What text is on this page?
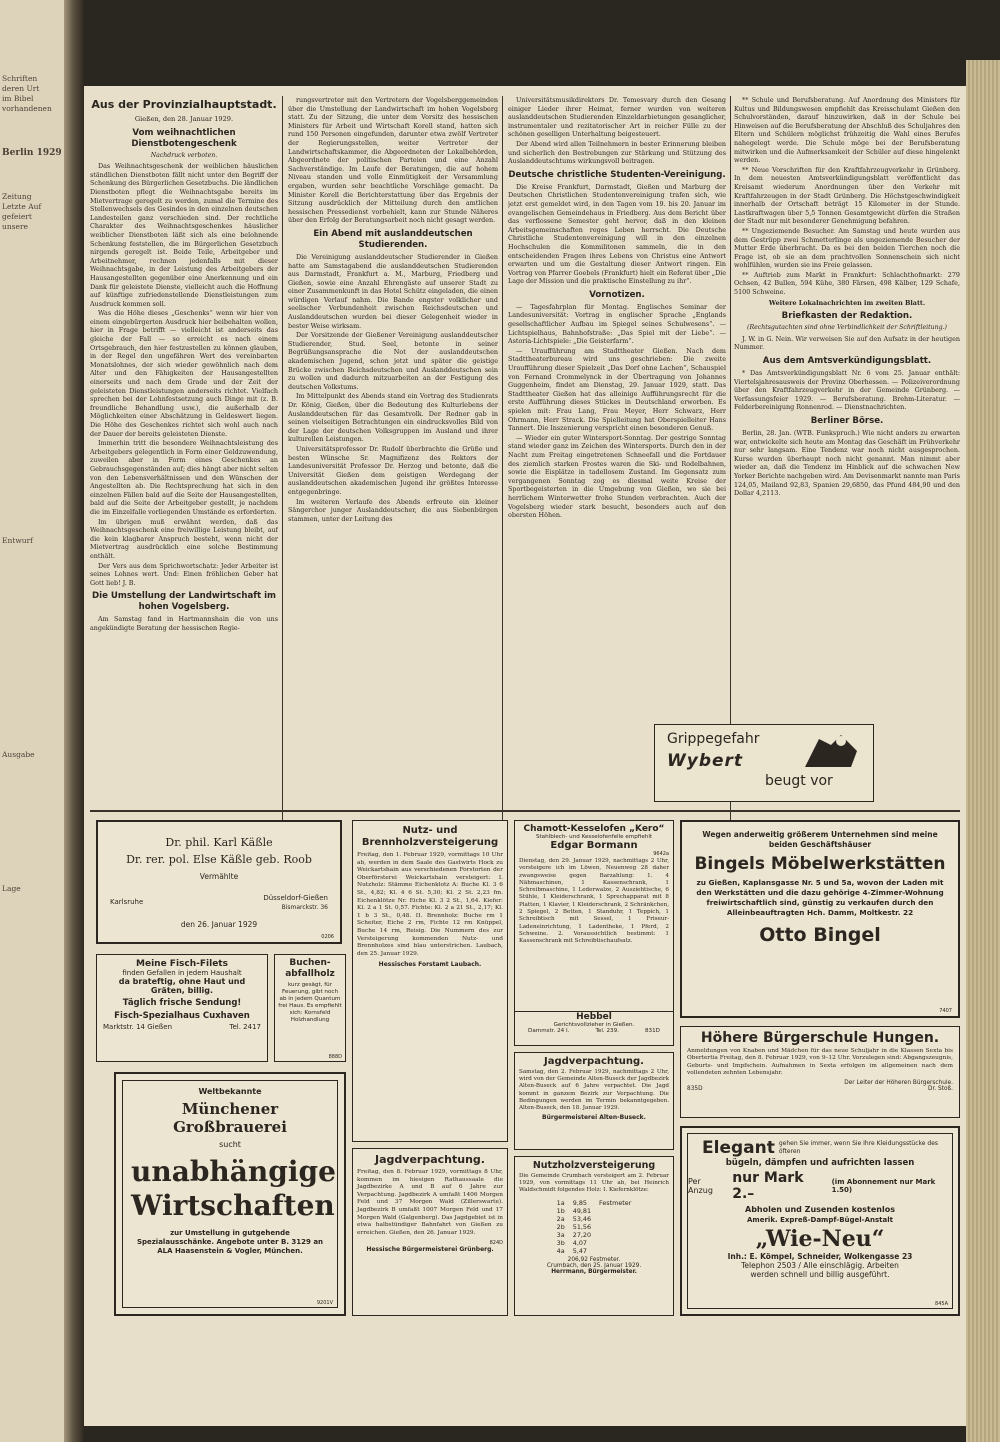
Schriften
deren Urt
im Bibel
vorhandenen
Berlin 1929
Zeitung
Letzte Auf
gefeiert
unsere
Entwurf
Ausgabe
Lage
Aus der Provinzialhauptstadt.
Gießen, den 28. Januar 1929.
Vom weihnachtlichen Dienstbotengeschenk
Nachdruck verboten.

Das Weihnachtsgeschenk der weiblichen häuslichen ständlichen Dienstboten fällt nicht unter den Begriff der Schenkung des Bürgerlichen Gesetzbuchs. Die ländlichen Dienstboten pflegt die Weihnachtsgabe bereits im Mietvertrage geregelt zu werden, zumal die Termine des Stellenwechsels des Gesindes in den einzelnen deutschen Landesteilen ganz verschieden sind. Der rechtliche Charakter des Weihnachtsgeschenkes häuslicher weiblicher Dienstboten läßt sich als eine belohnende Schenkung feststellen, die im Bürgerlichen Gesetzbuch nirgends geregelt ist. Beide Teile, Arbeitgeber und Arbeitnehmer, rechnen jedenfalls mit dieser Weihnachtsgabe, in der Leistung des Arbeitgebers der Hausangestellten gegenüber eine Anerkennung und ein Dank für geleistete Dienste, vielleicht auch die Hoffnung auf künftige zufriedenstellende Dienstleistungen zum Ausdruck kommen soll.

Was die Höhe dieses „Geschenks“ wenn wir hier von einem eingebürgerten Ausdruck hier beibehalten wollen, hier in Frage betrifft — vielleicht ist anderseits das gleiche der Fall — so erreicht es nach einem Ortsgebrauch, den hier festzustellen zu können glauben, in der Regel den ungefähren Wert des vereinbarten Monatslohnes, der sich wieder gewöhnlich nach dem Alter und den Fähigkeiten der Hausangestellten einerseits und nach dem Grade und der Zeit der geleisteten Dienstleistungen anderseits richtet. Vielfach sprechen bei der Lohnfestsetzung auch Dinge mit (z. B. freundliche Behandlung usw.), die außerhalb der Möglichkeiten einer Abschätzung in Geldeswert liegen. Die Höhe des Geschenkes richtet sich wohl auch nach der Dauer der bereits geleisteten Dienste.

Immerhin tritt die besondere Weihnachtsleistung des Arbeitgebers gelegentlich in Form einer Geldzuwendung, zuweilen aber in Form eines Geschenkes an Gebrauchsgegenständen auf; dies hängt aber nicht selten von den Lebensverhältnissen und den Wünschen der Angestellten ab. Die Rechtsprechung hat sich in den einzelnen Fällen bald auf die Seite der Hausangestellten, bald auf die Seite der Arbeitgeber gestellt, je nachdem die im Einzelfalle vorliegenden Umstände es erforderten.

Im übrigen muß erwähnt werden, daß das Weihnachtsgeschenk eine freiwillige Leistung bleibt, auf die kein klagbarer Anspruch besteht, wenn nicht der Mietvertrag ausdrücklich eine solche Bestimmung enthält.

Der Vers aus dem Sprichwortschatz: Jeder Arbeiter ist seines Lohnes wert. Und: Einen fröhlichen Geber hat Gott lieb! J. B.

Die Umstellung der Landwirtschaft im hohen Vogelsberg.

Am Samstag fand in Hartmannshain die von uns angekündigte Beratung der hessischen Regie-

rungsvertreter mit den Vertretern der Vogelsberggemeinden über die Umstellung der Landwirtschaft im hohen Vogelsberg statt. Zu der Sitzung, die unter dem Vorsitz des hessischen Ministers für Arbeit und Wirtschaft Korell stand, hatten sich rund 150 Personen eingefunden, darunter etwa zwölf Vertreter der Regierungsstellen, weiter Vertreter der Landwirtschaftskammer, die Abgeordneten der Lokalbehörden, Abgeordnete der politischen Parteien und eine Anzahl Sachverständige. Im Laufe der Beratungen, die auf hohem Niveau standen und volle Einmütigkeit der Versammlung ergaben, wurden sehr beachtliche Vorschläge gemacht. Da Minister Korell die Berichterstattung über das Ergebnis der Sitzung ausdrücklich der Mitteilung durch den amtlichen hessischen Pressedienst vorbehielt, kann zur Stunde Näheres über den Erfolg der Beratungsarbeit noch nicht gesagt werden.

Ein Abend mit auslanddeutschen Studierenden.

Die Vereinigung auslanddeutscher Studierender in Gießen hatte am Samstagabend die auslanddeutschen Studierenden aus Darmstadt, Frankfurt a. M., Marburg, Friedberg und Gießen, sowie eine Anzahl Ehrengäste auf unserer Stadt zu einer Zusammenkunft in das Hotel Schütz eingeladen, die einen würdigen Verlauf nahm. Die Bande engster volklicher und seelischer Verbundenheit zwischen Reichsdeutschen und Auslanddeutschen wurden bei dieser Gelegenheit wieder in bester Weise wirksam.

Der Vorsitzende der Gießener Vereinigung auslanddeutscher Studierender, Stud. Seel, betonte in seiner Begrüßungsansprache die Not der auslanddeutschen akademischen Jugend, schon jetzt und später die geistige Brücke zwischen Reichsdeutschen und Auslanddeutschen sein zu wollen und dadurch mitzuarbeiten an der Festigung des deutschen Volkstums.

Im Mittelpunkt des Abends stand ein Vortrag des Studienrats Dr. König, Gießen, über die Bedeutung des Kulturlebens der Auslanddeutschen für das Gesamtvolk. Der Redner gab in seinen vielseitigen Betrachtungen ein eindrucksvolles Bild von der Lage der deutschen Volksgruppen im Ausland und ihrer kulturellen Leistungen.

Universitätsprofessor Dr. Rudolf überbrachte die Grüße und besten Wünsche Sr. Magnifizenz des Rektors der Landesuniversität Professor Dr. Herzog und betonte, daß die Universität Gießen dem geistigen Werdegang der auslanddeutschen akademischen Jugend ihr größtes Interesse entgegenbringe.

Im weiteren Verlaufe des Abends erfreute ein kleiner Sängerchor junger Auslanddeutscher, die aus Siebenbürgen stammen, unter der Leitung des

Universitätsmusikdirektors Dr. Temesvary durch den Gesang einiger Lieder ihrer Heimat, ferner wurden von weiteren auslanddeutschen Studierenden Einzeldarbietungen gesanglicher, instrumentaler und rezitatorischer Art in reicher Fülle zu der schönen geselligen Unterhaltung beigesteuert.

Der Abend wird allen Teilnehmern in bester Erinnerung bleiben und sicherlich den Bestrebungen zur Stärkung und Stützung des Auslanddeutschtums wirkungsvoll beitragen.

Deutsche christliche Studenten-Vereinigung.

Die Kreise Frankfurt, Darmstadt, Gießen und Marburg der Deutschen Christlichen Studentenvereinigung trafen sich, wie jetzt erst gemeldet wird, in den Tagen vom 19. bis 20. Januar im evangelischen Gemeindehaus in Friedberg. Aus dem Bericht über das verflossene Semester geht hervor, daß in den kleinen Arbeitsgemeinschaften reges Leben herrscht. Die Deutsche Christliche Studentenvereinigung will in den einzelnen Hochschulen die Kommilitonen sammeln, die in den entscheidenden Fragen ihres Lebens von Christus eine Antwort erwarten und um die Gestaltung dieser Antwort ringen. Ein Vortrag von Pfarrer Goebels (Frankfurt) hielt ein Referat über „Die Lage der Mission und die praktische Einstellung zu ihr“.

Vornotizen.

— Tagesfahrplan für Montag. Englisches Seminar der Landesuniversität: Vortrag in englischer Sprache „Englands gesellschaftlicher Aufbau im Spiegel seines Schulwesens“. — Lichtspielhaus, Bahnhofstraße: „Das Spiel mit der Liebe“. — Astoria-Lichtspiele: „Die Geisterfarm“.

— Uraufführung am Stadttheater Gießen. Nach dem Stadttheaterbureau wird uns geschrieben: Die zweite Uraufführung dieser Spielzeit „Das Dorf ohne Lachen“, Schauspiel von Fernand Crommelynck in der Übertragung von Johannes Guggenheim, findet am Dienstag, 29. Januar 1929, statt. Das Stadttheater Gießen hat das alleinige Aufführungsrecht für die erste Aufführung dieses Stückes in Deutschland erworben. Es spielen mit: Frau Lang, Frau Meyer, Herr Schwarz, Herr Ohrmann, Herr Strack. Die Spielleitung hat Oberspielleiter Hans Tannert. Die Inszenierung verspricht einen besonderen Genuß.

— Wieder ein guter Wintersport-Sonntag. Der gestrige Sonntag stand wieder ganz im Zeichen des Wintersports. Durch den in der Nacht zum Freitag eingetretenen Schneefall und die Fortdauer des ziemlich starken Frostes waren die Ski- und Rodelbahnen, sowie die Eisplätze in tadellosem Zustand. Im Gegensatz zum vergangenen Sonntag zog es diesmal weite Kreise der Sportbegeisterten in die Umgebung von Gießen, wo sie bei herrlichem Winterwetter frohe Stunden verbrachten. Auch der Vogelsberg wieder stark besucht, besonders auch auf den obersten Höhen.

** Schule und Berufsberatung. Auf Anordnung des Ministers für Kultus und Bildungswesen empfiehlt das Kreisschulamt Gießen den Schulvorständen, darauf hinzuwirken, daß in der Schule bei Hinweisen auf die Berufsberatung der Abschluß des Schuljahres den Eltern und Schülern möglichst frühzeitig die Wahl eines Berufes nahegelegt werde. Die Schule möge bei der Berufsberatung mitwirken und die Aufmerksamkeit der Schüler auf diese hingelenkt werden.

** Neue Vorschriften für den Kraftfahrzeugverkehr in Grünberg. In dem neuesten Amtsverkündigungsblatt veröffentlicht das Kreisamt wiederum Anordnungen über den Verkehr mit Kraftfahrzeugen in der Stadt Grünberg. Die Höchstgeschwindigkeit innerhalb der Ortschaft beträgt 15 Kilometer in der Stunde. Lastkraftwagen über 5,5 Tonnen Gesamtgewicht dürfen die Straßen der Stadt nur mit besonderer Genehmigung befahren.

** Ungeziemende Besucher. Am Samstag und heute wurden aus dem Gestrüpp zwei Schmetterlinge als ungeziemende Besucher der Mutter Erde überbracht. Da es bei den beiden Tierchen noch die Frage ist, ob sie an dem prachtvollen Sonnenschein sich nicht wohlfühlen, wurden sie ins Freie gelassen.

** Auftrieb zum Markt in Frankfurt: Schlachthofmarkt: 279 Ochsen, 42 Bullen, 594 Kühe, 380 Färsen, 498 Kälber, 129 Schafe, 5100 Schweine.

Weitere Lokalnachrichten im zweiten Blatt.
Briefkasten der Redaktion.
(Rechtsgutachten sind ohne Verbindlichkeit der Schriftleitung.)

J. W. in G. Nein. Wir verweisen Sie auf den Aufsatz in der heutigen Nummer.

Aus dem Amtsverkündigungsblatt.

* Das Amtsverkündigungsblatt Nr. 6 vom 25. Januar enthält: Viertelsjahresausweis der Provinz Oberhessen. — Polizeiverordnung über den Kraftfahrzeugverkehr in der Gemeinde Grünberg. — Verfassungsfeier 1929. — Berufsberatung. Brehm-Literatur. — Felderbereinigung Ronnenrod. — Dienstnachrichten.

Berliner Börse.

Berlin, 28. Jan. (WTB. Funkspruch.) Wie nicht anders zu erwarten war, entwickelte sich heute am Montag das Geschäft im Frühverkehr nur sehr langsam. Eine Tendenz war noch nicht ausgesprochen. Kurse wurden überhaupt noch nicht genannt. Man nimmt aber wieder an, daß die Tendenz im Hinblick auf die schwachen New Yorker Berichte nachgeben wird. Am Devisenmarkt nannte man Paris 124,05, Mailand 92,83, Spanien 29,6850, das Pfund 484,90 und den Dollar 4,2113.

Grippegefahr
Wybert
beugt vor
Dr. phil. Karl Käßle
Dr. rer. pol. Else Käßle geb. Roob
Vermählte
Karlsruhe	Düsseldorf-Gießen
Bismarckstr. 36
den 26. Januar 1929
0206
Meine Fisch-Filets
finden Gefallen in jedem Haushalt
da brateftig, ohne Haut und
Gräten, billig.
Täglich frische Sendung!
Fisch-Spezialhaus Cuxhaven
Marktstr. 14 Gießen	Tel. 2417
Buchen-abfallholz
kurz gesägt, für Feuerung, gibt noch ab in jedem Quantum frei Haus. Es empfiehlt sich: Kornsfeld Holzhandlung
888D
Weltbekannte
Münchener Großbrauerei
sucht
unabhängige Wirtschaften
zur Umstellung in gutgehende Spezialausschänke. Angebote unter B. 3129 an ALA Haasenstein & Vogler, München.
9201V
Nutz- und Brennholzversteigerung
Freitag, den 1. Februar 1929, vormittags 10 Uhr ab, werden in dem Saale des Gastwirts Hock zu Weickartshain aus verschiedenen Forstorten der Oberförsterei Weickartshain versteigert: I. Nutzholz: Stämme Eichenklotz A: Buche Kl. 3 6 St., 4,82; Kl. 4 6 St. 5,30; Kl. 2 St. 2,23 fm. Eichenklötze Nr. Eiche Kl. 3 2 St., 1,64. Kiefer: Kl. 2 a 1 St. 0,57. Fichte: Kl. 2 a 21 St., 2,17; Kl. 1 b 3 St., 0,48. II. Brennholz: Buche rm 1 Scheiter, Eiche 2 rm, Fichte 12 rm Knüppel, Buche 14 rm, Reisig. Die Nummern des zur Versteigerung kommenden Nutz- und Brennholzes sind blau unterstrichen. Laubach, den 25. Januar 1929.
Hessisches Forstamt Laubach.
Jagdverpachtung.
Freitag, den 8. Februar 1929, vormittags 8 Uhr, kommen im hiesigen Rathaussaale die Jagdbezirke A und B auf 6 Jahre zur Verpachtung. Jagdbezirk A umfaßt 1406 Morgen Feld und 37 Morgen Wald (Zillerswarte). Jagdbezirk B umfaßt 1007 Morgen Feld und 17 Morgen Wald (Galgenberg). Das Jagdgebiet ist in etwa halbstündiger Bahnfahrt von Gießen zu erreichen. Gießen, den 26. Januar 1929.
824D
Hessische Bürgermeisterei Grünberg.
Chamott-Kesselofen „Kero“
Stahlblech- und Kesselofenfelle empfiehlt
Edgar Bormann
9642a
Dienstag, den 29. Januar 1929, nachmittags 2 Uhr, versteigere ich im Löwen, Neuenweg 28 daher zwangsweise gegen Barzahlung: 1. 4 Nähmaschinen, 1 Kassenschrank, 1 Schreibmaschine, 1 Lederwalze, 2 Ausziehtische, 6 Stühle, 1 Kleiderschrank, 1 Sprechapparat mit 8 Platten, 1 Klavier, 1 Kleiderschrank, 2 Schränkchen, 2 Spiegel, 2 Betten, 1 Standuhr, 1 Teppich, 1 Schreibtisch mit Sessel, 1 Friseur-Ladeneinrichtung, 1 Ladentheke, 1 Pferd, 2 Schweine. 2. Voraussichtlich bestimmt: 1 Kassenschrank mit Schreibtischaufsatz.
Hebbel
Gerichtsvollzieher in Gießen.
Dammstr. 24 I.	Tel. 239.	831D
Jagdverpachtung.
Samstag, den 2. Februar 1929, nachmittags 2 Uhr, wird von der Gemeinde Alten-Buseck der Jagdbezirk Alten-Buseck auf 6 Jahre verpachtet. Die Jagd kommt in ganzem Bezirk zur Verpachtung. Die Bedingungen werden im Termin bekanntgegeben. Alten-Buseck, den 18. Januar 1929.
Bürgermeisterei Alten-Buseck.
Nutzholzversteigerung
Die Gemeinde Crumbach versteigert am 2. Februar 1929, von vormittags 11 Uhr ab, bei Heinrich Waldschmidt folgendes Holz: I. Kiefernklötze:
1a	9,85	Festmeter
1b	49,81	
2a	53,46	
2b	51,56	
3a	27,20	
3b	4,07	
4a	5,47	
206,92 Festmeter.
Crumbach, den 25. Januar 1929.
Herrmann, Bürgermeister.
Wegen anderweitig größerem Unternehmen sind meine beiden Geschäftshäuser
Bingels Möbelwerkstätten
zu Gießen, Kaplansgasse Nr. 5 und 5a, wovon der Laden mit den Werkstätten und die dazu gehörige 4-Zimmer-Wohnung freiwirtschaftlich sind, günstig zu verkaufen durch den Alleinbeauftragten Hch. Damm, Moltkestr. 22
Otto Bingel
7407
Höhere Bürgerschule Hungen.
Anmeldungen von Knaben und Mädchen für das neue Schuljahr in die Klassen Sexta bis Obertertia Freitag, den 8. Februar 1929, von 9–12 Uhr. Vorzulegen sind: Abgangszeugnis, Geburts- und Impfschein. Aufnahmen in Sexta erfolgen im allgemeinen nach dem vollendeten zehnten Lebensjahr.
Der Leiter der Höheren Bürgerschule.
835D	Dr. Stoß.
Elegant gehen Sie immer, wenn Sie Ihre Kleidungsstücke des öfteren
bügeln, dämpfen und aufrichten lassen
Per Anzug
nur Mark 2.–
(im Abonnement nur Mark 1.50)
Abholen und Zusenden kostenlos
Amerik. Expreß-Dampf-Bügel-Anstalt
„Wie-Neu“
Inh.: E. Kömpel, Schneider, Wolkengasse 23
Telephon 2503 / Alle einschlägig. Arbeiten
werden schnell und billig ausgeführt.
845A
